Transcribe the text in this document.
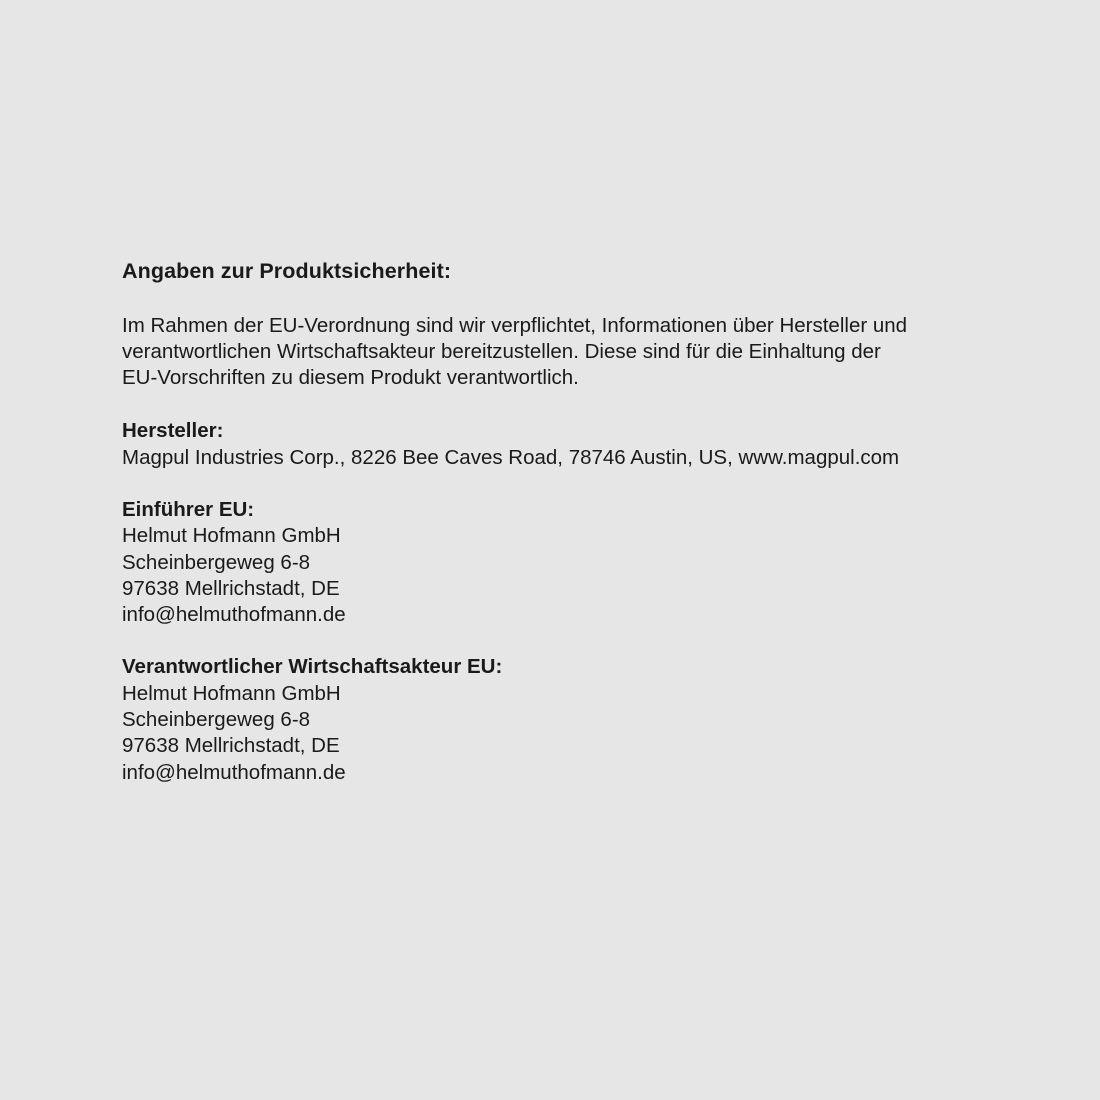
Angaben zur Produktsicherheit:
Im Rahmen der EU-Verordnung sind wir verpflichtet, Informationen über Hersteller und
verantwortlichen Wirtschaftsakteur bereitzustellen. Diese sind für die Einhaltung der
EU-Vorschriften zu diesem Produkt verantwortlich.
Hersteller:
Magpul Industries Corp., 8226 Bee Caves Road, 78746 Austin, US, www.magpul.com
Einführer EU:
Helmut Hofmann GmbH
Scheinbergeweg 6-8
97638 Mellrichstadt, DE
info@helmuthofmann.de
Verantwortlicher Wirtschaftsakteur EU:
Helmut Hofmann GmbH
Scheinbergeweg 6-8
97638 Mellrichstadt, DE
info@helmuthofmann.de
